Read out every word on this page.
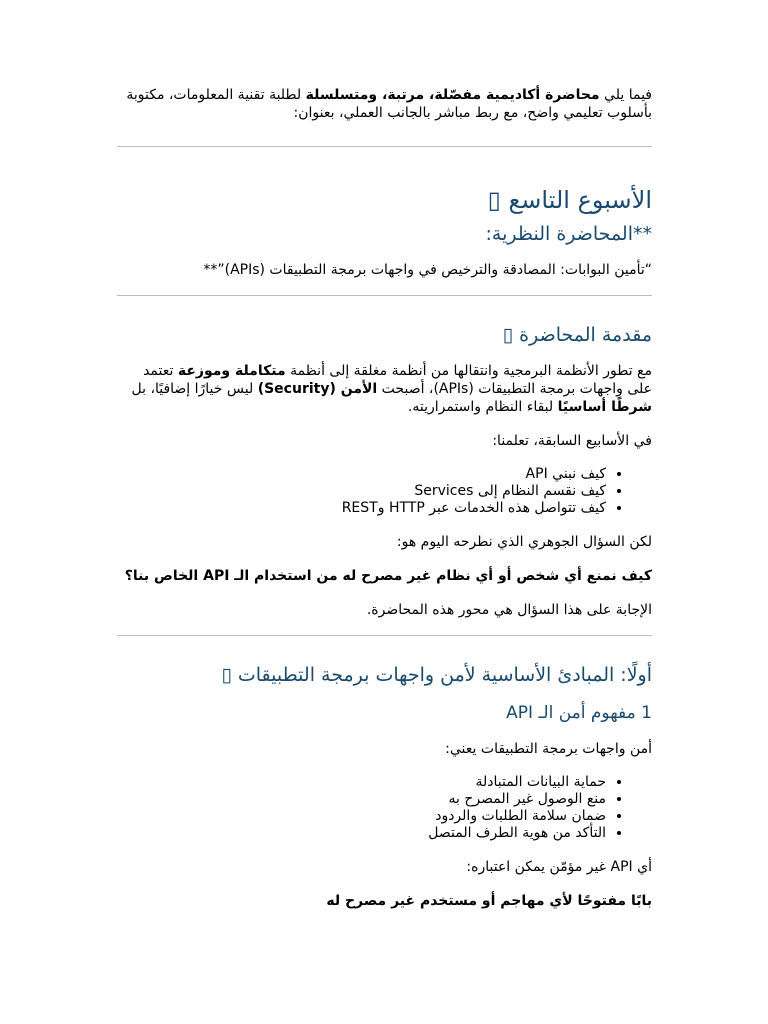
فيما يلي محاضرة أكاديمية مفصّلة، مرتبة، ومتسلسلة لطلبة تقنية المعلومات، مكتوبة بأسلوب تعليمي واضح، مع ربط مباشر بالجانب العملي، بعنوان:

الأسبوع التاسع ▯
**المحاضرة النظرية:

“تأمين البوابات: المصادقة والترخيص في واجهات برمجة التطبيقات (APIs)”**

مقدمة المحاضرة ▯

مع تطور الأنظمة البرمجية وانتقالها من أنظمة مغلقة إلى أنظمة متكاملة وموزعة تعتمد على واجهات برمجة التطبيقات (APIs)، أصبحت الأمن (Security) ليس خيارًا إضافيًا، بل شرطًا أساسيًا لبقاء النظام واستمراريته.

في الأسابيع السابقة، تعلمنا:

• كيف نبني API
• كيف نقسم النظام إلى Services
• كيف تتواصل هذه الخدمات عبر HTTP وREST

لكن السؤال الجوهري الذي نطرحه اليوم هو:

كيف نمنع أي شخص أو أي نظام غير مصرح له من استخدام الـ API الخاص بنا؟

الإجابة على هذا السؤال هي محور هذه المحاضرة.

أولًا: المبادئ الأساسية لأمن واجهات برمجة التطبيقات ▯
1 مفهوم أمن الـ API

أمن واجهات برمجة التطبيقات يعني:

• حماية البيانات المتبادلة
• منع الوصول غير المصرح به
• ضمان سلامة الطلبات والردود
• التأكد من هوية الطرف المتصل

أي API غير مؤمّن يمكن اعتباره:

بابًا مفتوحًا لأي مهاجم أو مستخدم غير مصرح له
